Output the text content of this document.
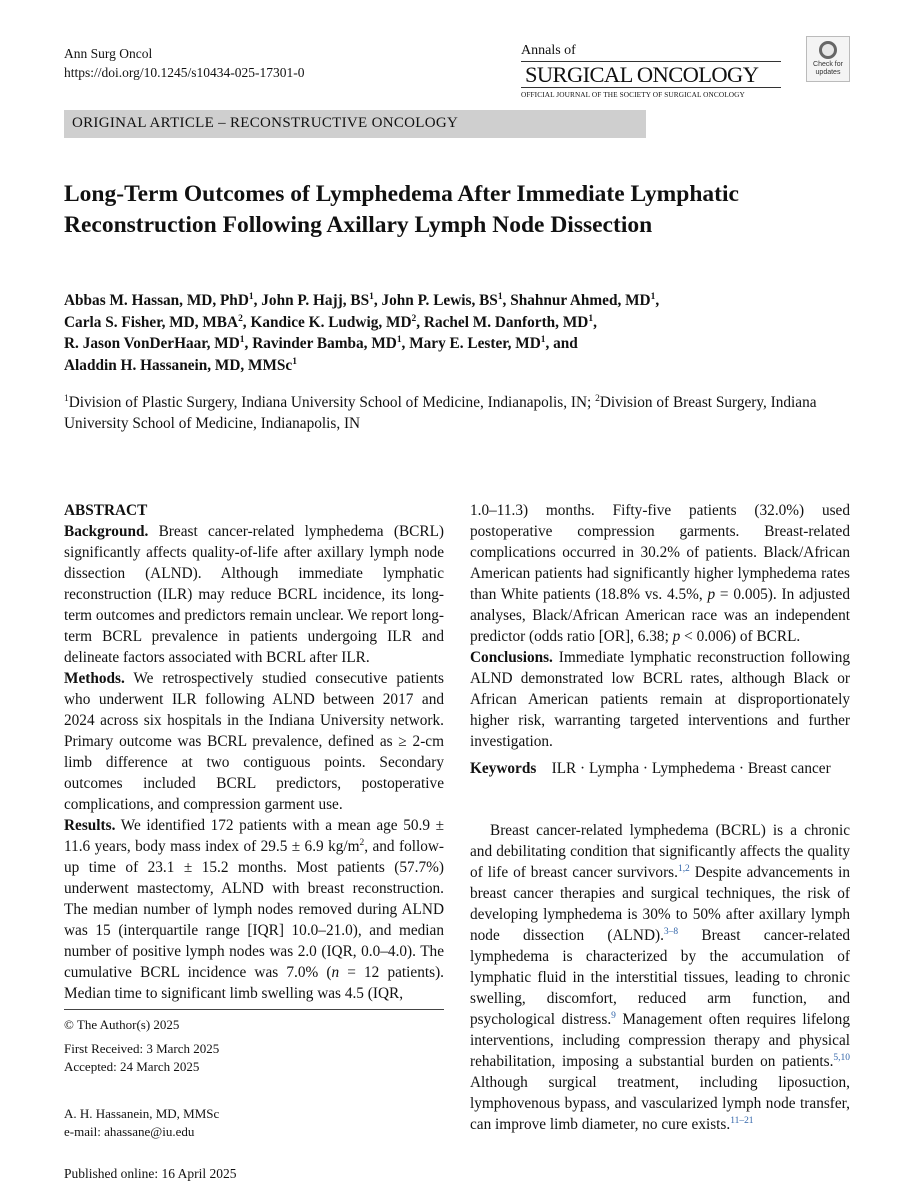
Ann Surg Oncol
https://doi.org/10.1245/s10434-025-17301-0
Annals of
SURGICAL ONCOLOGY
OFFICIAL JOURNAL OF THE SOCIETY OF SURGICAL ONCOLOGY
Check for
updates
ORIGINAL ARTICLE – RECONSTRUCTIVE ONCOLOGY
Long-Term Outcomes of Lymphedema After Immediate Lymphatic Reconstruction Following Axillary Lymph Node Dissection
Abbas M. Hassan, MD, PhD$^1$, John P. Hajj, $BS^1$, John P. Lewis, $BS^1$, Shahnur Ahmed, $MD^1$,
Carla S. Fisher, MD, MBA$^2$, Kandice K. Ludwig, $MD^2$, Rachel M. Danforth, $MD^1$,
R. Jason VonDerHaar, $MD^1$, Ravinder Bamba, $MD^1$, Mary E. Lester, $MD^1$, and
Aladdin H. Hassanein, MD, MMSc$^1$
$^1$Division of Plastic Surgery, Indiana University School of Medicine, Indianapolis, IN; $^2$Division of Breast Surgery, Indiana University School of Medicine, Indianapolis, IN
ABSTRACT

Background. Breast cancer-related lymphedema (BCRL) significantly affects quality-of-life after axillary lymph node dissection (ALND). Although immediate lymphatic reconstruction (ILR) may reduce BCRL incidence, its long-term outcomes and predictors remain unclear. We report long-term BCRL prevalence in patients undergoing ILR and delineate factors associated with BCRL after ILR.

Methods. We retrospectively studied consecutive patients who underwent ILR following ALND between 2017 and 2024 across six hospitals in the Indiana University network. Primary outcome was BCRL prevalence, defined as ≥ 2-cm limb difference at two contiguous points. Secondary outcomes included BCRL predictors, postoperative complications, and compression garment use.

Results. We identified 172 patients with a mean age 50.9 ± 11.6 years, body mass index of 29.5 ± 6.9 $kg/m^2$, and follow-up time of 23.1 ± 15.2 months. Most patients (57.7%) underwent mastectomy, ALND with breast reconstruction. The median number of lymph nodes removed during ALND was 15 (interquartile range [IQR] 10.0–21.0), and median number of positive lymph nodes was 2.0 (IQR, 0.0–4.0). The cumulative BCRL incidence was 7.0% (n = 12 patients). Median time to significant limb swelling was 4.5 (IQR,

1.0–11.3) months. Fifty-five patients (32.0%) used postoperative compression garments. Breast-related complications occurred in 30.2% of patients. Black/African American patients had significantly higher lymphedema rates than White patients (18.8% vs. 4.5%, p = 0.005). In adjusted analyses, Black/African American race was an independent predictor (odds ratio [OR], 6.38; p < 0.006) of BCRL.

Conclusions. Immediate lymphatic reconstruction following ALND demonstrated low BCRL rates, although Black or African American patients remain at disproportionately higher risk, warranting targeted interventions and further investigation.

Keywords ILR · Lympha · Lymphedema · Breast cancer
Breast cancer-related lymphedema (BCRL) is a chronic and debilitating condition that significantly affects the quality of life of breast cancer survivors.$^{1,2}$ Despite advancements in breast cancer therapies and surgical techniques, the risk of developing lymphedema is 30% to 50% after axillary lymph node dissection (ALND).$^{3-8}$ Breast cancer-related lymphedema is characterized by the accumulation of lymphatic fluid in the interstitial tissues, leading to chronic swelling, discomfort, reduced arm function, and psychological distress.$^9$ Management often requires lifelong interventions, including compression therapy and physical rehabilitation, imposing a substantial burden on patients.$^{5,10}$ Although surgical treatment, including liposuction, lymphovenous bypass, and vascularized lymph node transfer, can improve limb diameter, no cure exists.$^{11-21}$
© The Author(s) 2025
First Received: 3 March 2025
Accepted: 24 March 2025
A. H. Hassanein, MD, MMSc
e-mail: ahassane@iu.edu
Published online: 16 April 2025
